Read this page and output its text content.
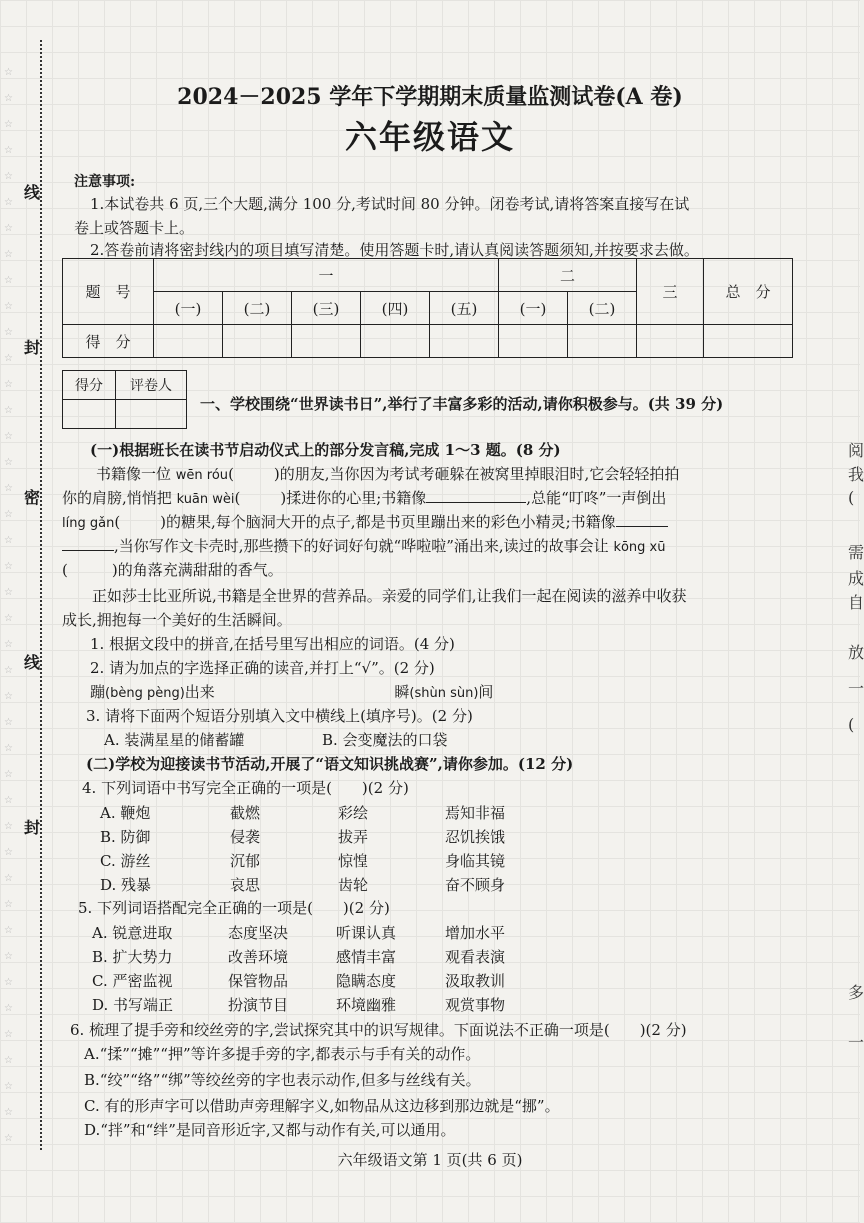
☆
☆
☆
☆
☆
☆
☆
☆
☆
☆
☆
☆
☆
☆
☆
☆
☆
☆
☆
☆
☆
☆
☆
☆
☆
☆
☆
☆
☆
☆
☆
☆
☆
☆
☆
☆
☆
☆
☆
☆
☆
☆
线
封
密
线
封
阅
我
(
需
成
自
放
一
(
多
一
2024－2025 学年下学期期末质量监测试卷(A 卷)
六年级语文
注意事项:
1.本试卷共 6 页,三个大题,满分 100 分,考试时间 80 分钟。闭卷考试,请将答案直接写在试
卷上或答题卡上。
2.答卷前请将密封线内的项目填写清楚。使用答题卡时,请认真阅读答题须知,并按要求去做。
题　号	一					二		三	总　分
	(一)	(二)	(三)	(四)	(五)	(一)	(二)		
得　分									
得分	评卷人

一、学校围绕“世界读书日”,举行了丰富多彩的活动,请你积极参与。(共 39 分)
(一)根据班长在读书节启动仪式上的部分发言稿,完成 1～3 题。(8 分)
书籍像一位 wēn róu(	)的朋友,当你因为考试考砸躲在被窝里掉眼泪时,它会轻轻拍拍
你的肩膀,悄悄把 kuān wèi(	)揉进你的心里;书籍像	,总能“叮咚”一声倒出
líng gǎn(	)的糖果,每个脑洞大开的点子,都是书页里蹦出来的彩色小精灵;书籍像
,当你写作文卡壳时,那些攒下的好词好句就“哗啦啦”涌出来,读过的故事会让 kōng xū
(	)的角落充满甜甜的香气。
正如莎士比亚所说,书籍是全世界的营养品。亲爱的同学们,让我们一起在阅读的滋养中收获
成长,拥抱每一个美好的生活瞬间。
1. 根据文段中的拼音,在括号里写出相应的词语。(4 分)
2. 请为加点的字选择正确的读音,并打上“√”。(2 分)
蹦(bèng pèng)出来	瞬(shùn sùn)间
3. 请将下面两个短语分别填入文中横线上(填序号)。(2 分)
A. 装满星星的储蓄罐	B. 会变魔法的口袋
(二)学校为迎接读书节活动,开展了“语文知识挑战赛”,请你参加。(12 分)
4. 下列词语中书写完全正确的一项是(　　)(2 分)
A. 鞭炮	截燃	彩绘	焉知非福
B. 防御	侵袭	拔弄	忍饥挨饿
C. 游丝	沉郁	惊惶	身临其镜
D. 残暴	哀思	齿轮	奋不顾身
5. 下列词语搭配完全正确的一项是(　　)(2 分)
A. 锐意进取	态度坚决	听课认真	增加水平
B. 扩大势力	改善环境	感情丰富	观看表演
C. 严密监视	保管物品	隐瞒态度	汲取教训
D. 书写端正	扮演节目	环境幽雅	观赏事物
6. 梳理了提手旁和绞丝旁的字,尝试探究其中的识写规律。下面说法不正确一项是(　　)(2 分)
A.“揉”“摊”“押”等许多提手旁的字,都表示与手有关的动作。
B.“绞”“络”“绑”等绞丝旁的字也表示动作,但多与丝线有关。
C. 有的形声字可以借助声旁理解字义,如物品从这边移到那边就是“挪”。
D.“拌”和“绊”是同音形近字,又都与动作有关,可以通用。
六年级语文第 1 页(共 6 页)
